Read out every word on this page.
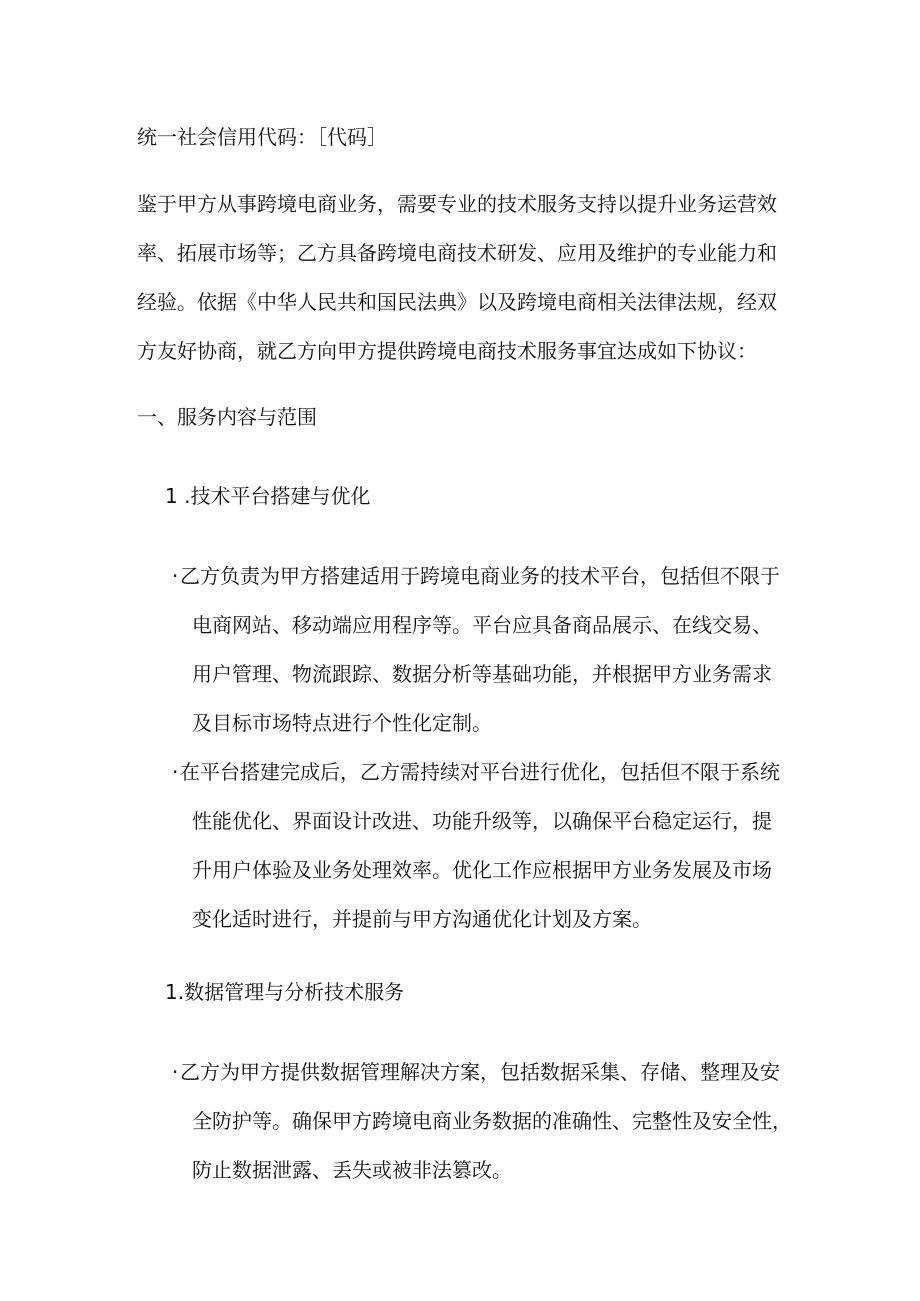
统一社会信用代码：［代码］

鉴于甲方从事跨境电商业务，需要专业的技术服务支持以提升业务运营效

率、拓展市场等；乙方具备跨境电商技术研发、应用及维护的专业能力和

经验。依据《中华人民共和国民法典》以及跨境电商相关法律法规，经双

方友好协商，就乙方向甲方提供跨境电商技术服务事宜达成如下协议：

一、服务内容与范围

1 .技术平台搭建与优化

· 乙方负责为甲方搭建适用于跨境电商业务的技术平台，包括但不限于

电商网站、移动端应用程序等。平台应具备商品展示、在线交易、

用户管理、物流跟踪、数据分析等基础功能，并根据甲方业务需求

及目标市场特点进行个性化定制。

· 在平台搭建完成后，乙方需持续对平台进行优化，包括但不限于系统

性能优化、界面设计改进、功能升级等，以确保平台稳定运行，提

升用户体验及业务处理效率。优化工作应根据甲方业务发展及市场

变化适时进行，并提前与甲方沟通优化计划及方案。

1.数据管理与分析技术服务

· 乙方为甲方提供数据管理解决方案，包括数据采集、存储、整理及安

全防护等。确保甲方跨境电商业务数据的准确性、完整性及安全性，

防止数据泄露、丢失或被非法篡改。
